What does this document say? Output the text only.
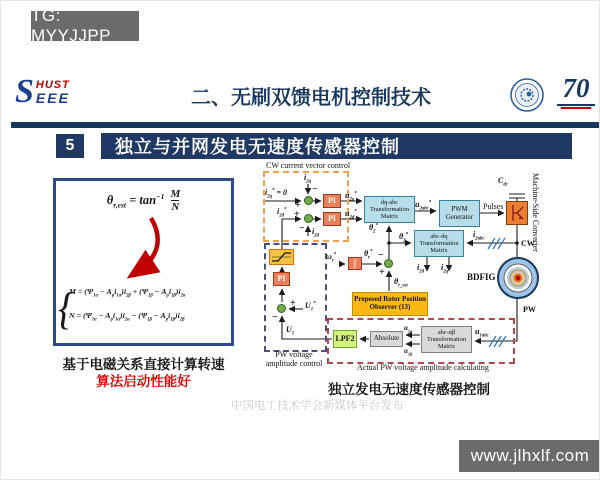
TG: MYYJJPP
S HUST
EEE	二、无刷双馈电机控制技术	70
5 独立与并网发电无速度传感器控制
$\theta_{r,est} = \tan^{-1} \frac{M}{N}$
{
$M = (\Psi_{1\alpha} - A_pi_{1\alpha})i_{2\beta} + (\Psi_{1\beta} - A_pi_{1\beta})i_{2\alpha}$
$N = (\Psi_{1\alpha} - A_pi_{1\alpha})i_{2\alpha} - (\Psi_{1\beta} - A_pi_{1\beta})i_{2\beta}$
基于电磁关系直接计算转速
算法启动性能好
CW current vector control
PW voltage amplitude control	Actual PW voltage amplitude calculating
+
−
+
−
−
+
+
−
PI
PI
PI
∫
dq-abc Transformation Matrix
abc-dq Transformation Matrix
PWM Generator
Proposed Rotor Position Observer (13)
LPF2	Absolute
abc-αβ Transformation Matrix
Machine-Side Converter
$i_{2q}$
$i_{2q}^* = 0$
$i_{2d}^*$
$i_{2d}$
$u_{2q}^*$
$u_{2d}^*$
$u_{2abc}^*$	Pulses
$C_{dc}$
$\theta_2^*$
$\theta_2^*$	$i_{2abc}$	CW
$i_{2d}$
$i_{2q}$
$\omega_r^*$	$\theta_r^*$
$\theta_{r\_est}$
BDFIG
PW
$u_{1abc}$
$u_{1\alpha}$
$u_{1\beta}$
$U_1$
$U_1^*$
独立发电无速度传感器控制
中国电工技术学会新媒体平台发布
www.jlhxlf.com
